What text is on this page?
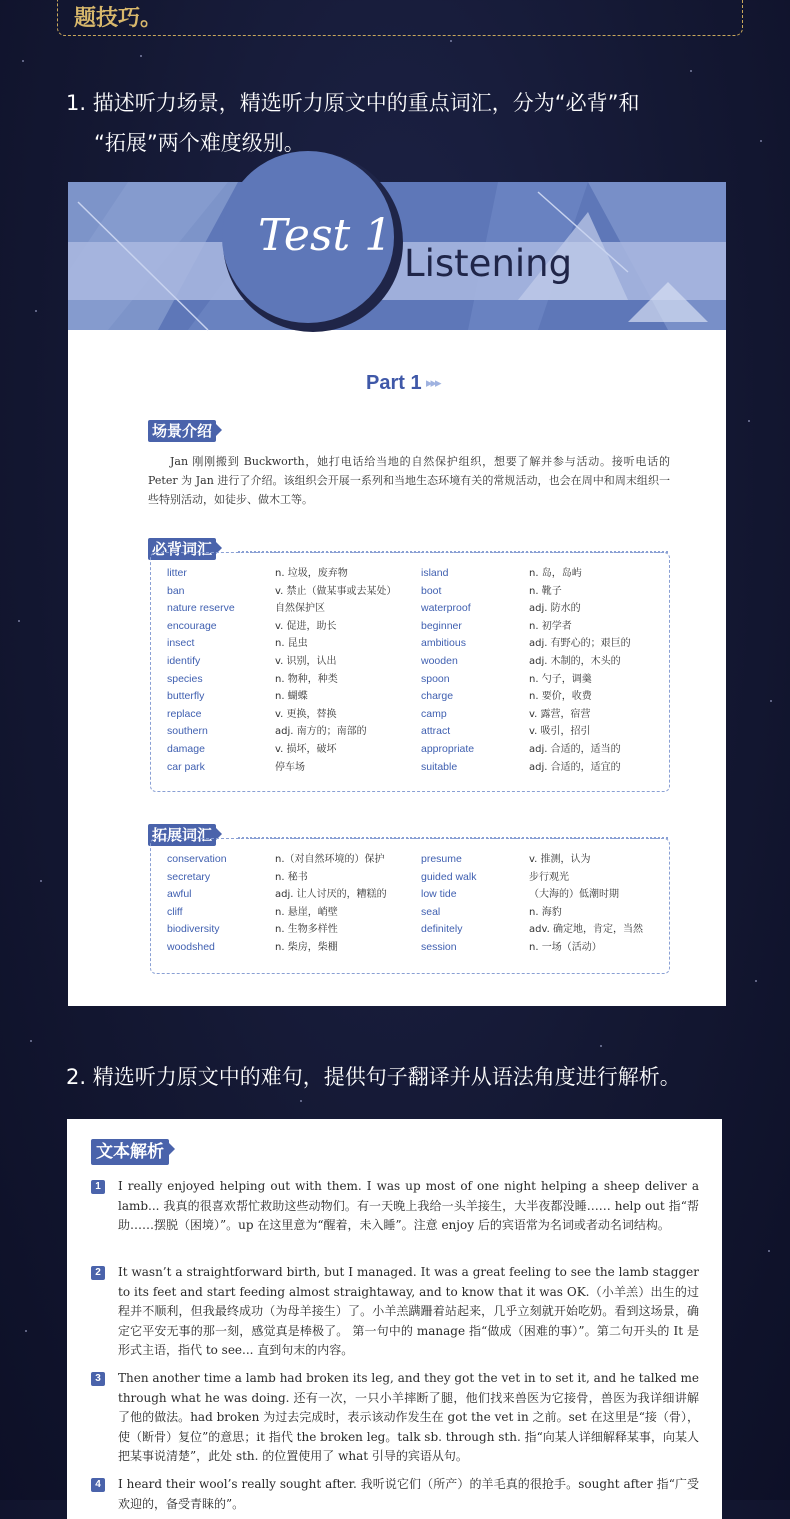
题技巧。
1. 描述听力场景，精选听力原文中的重点词汇，分为“必背”和
“拓展”两个难度级别。
Test 1
Listening
Part 1 ▸▸▸
场景介绍
Jan 刚刚搬到 Buckworth，她打电话给当地的自然保护组织，想要了解并参与活动。接听电话的 Peter 为 Jan 进行了介绍。该组织会开展一系列和当地生态环境有关的常规活动，也会在周中和周末组织一些特别活动，如徒步、做木工等。
必背词汇
litter	n. 垃圾，废弃物	island	n. 岛，岛屿
ban	v. 禁止（做某事或去某处） boot	n. 靴子
nature reserve	自然保护区	waterproof	adj. 防水的
encourage	v. 促进，助长	beginner	n. 初学者
insect	n. 昆虫	ambitious	adj. 有野心的；艰巨的
identify	v. 识别，认出	wooden	adj. 木制的，木头的
species	n. 物种，种类	spoon	n. 勺子，调羹
butterfly	n. 蝴蝶	charge	n. 要价，收费
replace	v. 更换，替换	camp	v. 露营，宿营
southern	adj. 南方的；南部的	attract	v. 吸引，招引
damage	v. 损坏，破坏	appropriate	adj. 合适的，适当的
car park	停车场	suitable	adj. 合适的，适宜的
拓展词汇
conservation	n.（对自然环境的）保护	presume	v. 推测，认为
secretary	n. 秘书	guided walk	步行观光
awful	adj. 让人讨厌的，糟糕的	low tide	（大海的）低潮时期
cliff	n. 悬崖，峭壁	seal	n. 海豹
biodiversity	n. 生物多样性	definitely	adv. 确定地，肯定，当然
woodshed	n. 柴房，柴棚	session	n. 一场（活动）
2. 精选听力原文中的难句，提供句子翻译并从语法角度进行解析。
文本解析
1	I really enjoyed helping out with them. I was up most of one night helping a sheep deliver a lamb... 我真的很喜欢帮忙救助这些动物们。有一天晚上我给一头羊接生，大半夜都没睡…… help out 指“帮助……摆脱（困境）”。up 在这里意为“醒着，未入睡”。注意 enjoy 后的宾语常为名词或者动名词结构。
2	It wasn’t a straightforward birth, but I managed. It was a great feeling to see the lamb stagger to its feet and start feeding almost straightaway, and to know that it was OK.（小羊羔）出生的过程并不顺利，但我最终成功（为母羊接生）了。小羊羔蹒跚着站起来，几乎立刻就开始吃奶。看到这场景，确定它平安无事的那一刻，感觉真是棒极了。 第一句中的 manage 指“做成（困难的事）”。第二句开头的 It 是形式主语，指代 to see... 直到句末的内容。
3	Then another time a lamb had broken its leg, and they got the vet in to set it, and he talked me through what he was doing. 还有一次，一只小羊摔断了腿，他们找来兽医为它接骨，兽医为我详细讲解了他的做法。had broken 为过去完成时，表示该动作发生在 got the vet in 之前。set 在这里是“接（骨），使（断骨）复位”的意思；it 指代 the broken leg。talk sb. through sth. 指“向某人详细解释某事，向某人把某事说清楚”，此处 sth. 的位置使用了 what 引导的宾语从句。
4	I heard their wool’s really sought after. 我听说它们（所产）的羊毛真的很抢手。sought after 指“广受欢迎的，备受青睐的”。
